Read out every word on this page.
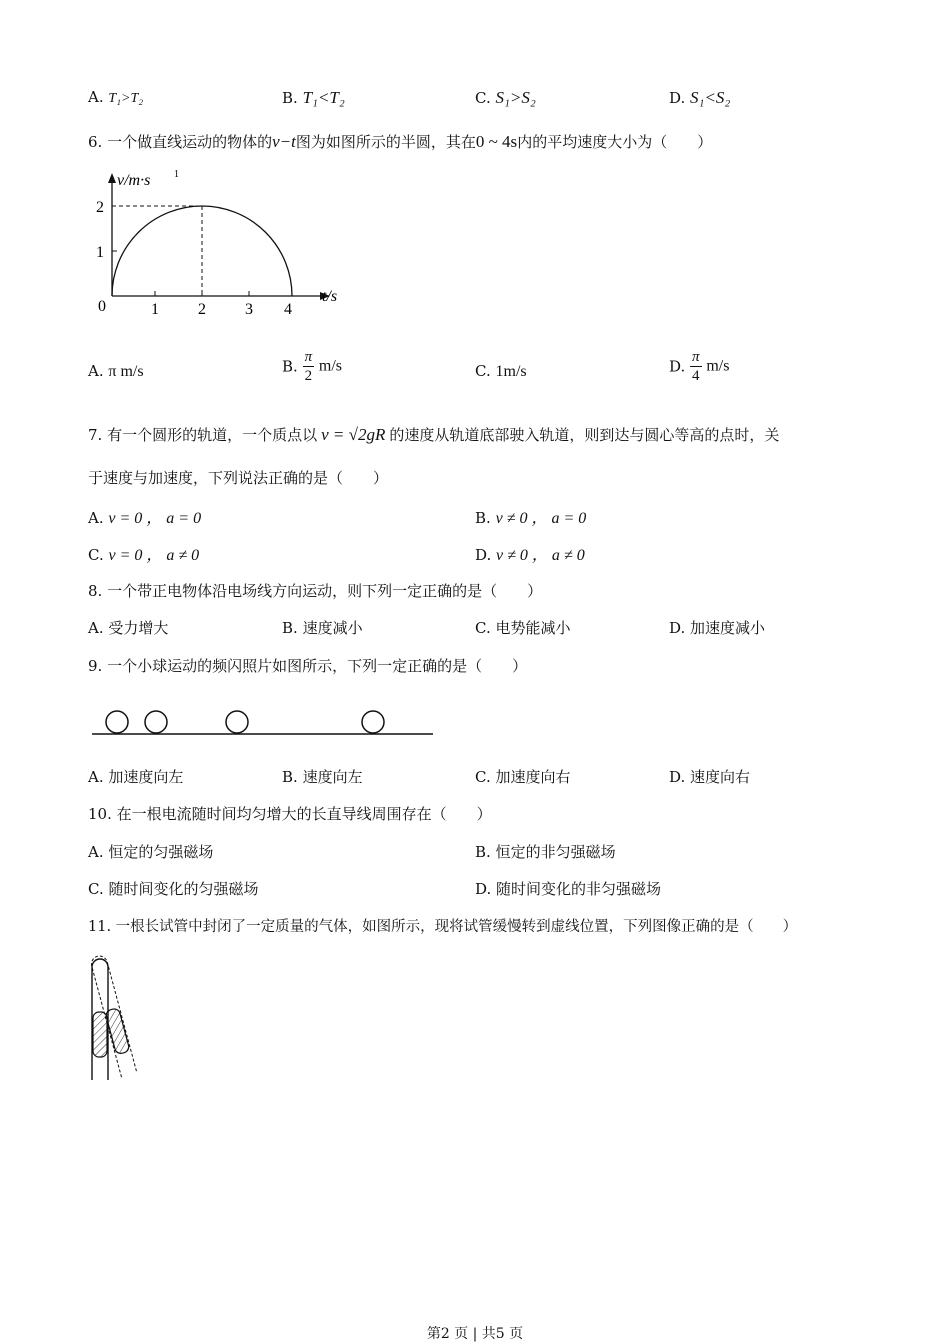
A. T₁>T₂	B. T₁<T₂	C. S₁>S₂	D. S₁<S₂
6. 一个做直线运动的物体的v−t图为如图所示的半圆，其在0 ~ 4s内的平均速度大小为（　　）
v/m·s 1
t/s
0	1 2 3 4
1
2
A. π m/s	B. $\frac{\pi}{2} m/s$	C. 1m/s	D. $\frac{\pi}{4} m/s$
7. 有一个圆形的轨道，一个质点以 v = √2gR 的速度从轨道底部驶入轨道，则到达与圆心等高的点时，关
于速度与加速度，下列说法正确的是（　　）
A. v = 0 ， a = 0	B. v ≠ 0 ， a = 0
C. v = 0 ， a ≠ 0	D. v ≠ 0 ， a ≠ 0
8. 一个带正电物体沿电场线方向运动，则下列一定正确的是（　　）
A. 受力增大	B. 速度减小	C. 电势能减小	D. 加速度减小
9. 一个小球运动的频闪照片如图所示，下列一定正确的是（　　）
A. 加速度向左	B. 速度向左	C. 加速度向右	D. 速度向右
10. 在一根电流随时间均匀增大的长直导线周围存在（　　）
A. 恒定的匀强磁场	B. 恒定的非匀强磁场
C. 随时间变化的匀强磁场	D. 随时间变化的非匀强磁场
11. 一根长试管中封闭了一定质量的气体，如图所示，现将试管缓慢转到虚线位置，下列图像正确的是（　　）
第2 页 | 共5 页
